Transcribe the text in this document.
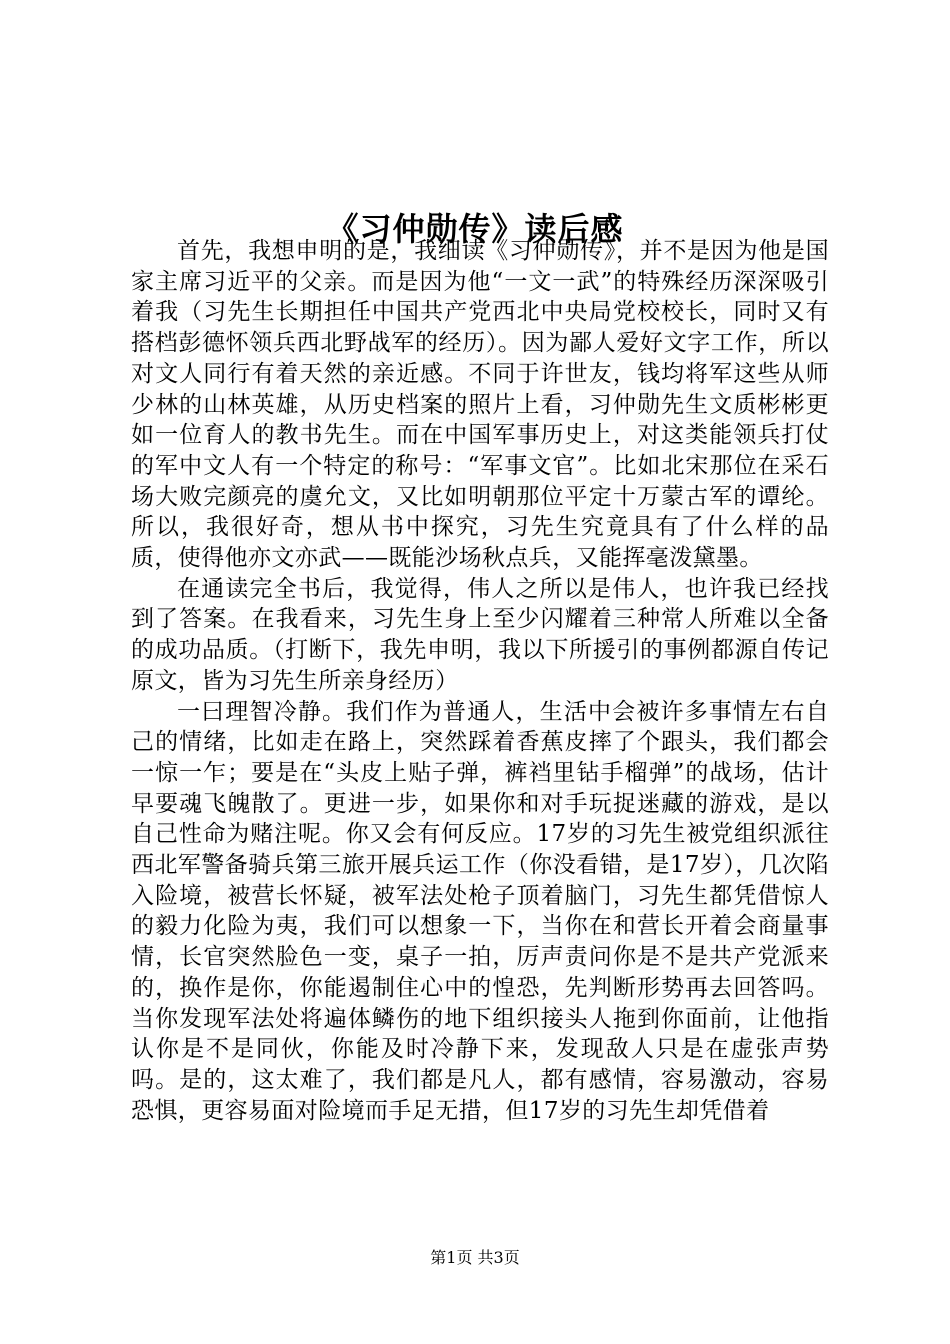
《习仲勋传》读后感

首先，我想申明的是，我细读《习仲勋传》，并不是因为他是国家主席习近平的父亲。而是因为他“一文一武”的特殊经历深深吸引着我（习先生长期担任中国共产党西北中央局党校校长，同时又有搭档彭德怀领兵西北野战军的经历）。因为鄙人爱好文字工作，所以对文人同行有着天然的亲近感。不同于许世友，钱均将军这些从师少林的山林英雄，从历史档案的照片上看，习仲勋先生文质彬彬更如一位育人的教书先生。而在中国军事历史上，对这类能领兵打仗的军中文人有一个特定的称号：“军事文官”。比如北宋那位在采石场大败完颜亮的虞允文，又比如明朝那位平定十万蒙古军的谭纶。所以，我很好奇，想从书中探究，习先生究竟具有了什么样的品质，使得他亦文亦武——既能沙场秋点兵，又能挥毫泼黛墨。

在通读完全书后，我觉得，伟人之所以是伟人，也许我已经找到了答案。在我看来，习先生身上至少闪耀着三种常人所难以全备的成功品质。（打断下，我先申明，我以下所援引的事例都源自传记原文，皆为习先生所亲身经历）

一曰理智冷静。我们作为普通人，生活中会被许多事情左右自己的情绪，比如走在路上，突然踩着香蕉皮摔了个跟头，我们都会一惊一乍；要是在“头皮上贴子弹，裤裆里钻手榴弹”的战场，估计早要魂飞魄散了。更进一步，如果你和对手玩捉迷藏的游戏，是以自己性命为赌注呢。你又会有何反应。17岁的习先生被党组织派往西北军警备骑兵第三旅开展兵运工作（你没看错，是17岁），几次陷入险境，被营长怀疑，被军法处枪子顶着脑门，习先生都凭借惊人的毅力化险为夷，我们可以想象一下，当你在和营长开着会商量事情，长官突然脸色一变，桌子一拍，厉声责问你是不是共产党派来的，换作是你，你能遏制住心中的惶恐，先判断形势再去回答吗。当你发现军法处将遍体鳞伤的地下组织接头人拖到你面前，让他指认你是不是同伙，你能及时冷静下来，发现敌人只是在虚张声势吗。是的，这太难了，我们都是凡人，都有感情，容易激动，容易恐惧，更容易面对险境而手足无措，但17岁的习先生却凭借着

第1页 共3页
